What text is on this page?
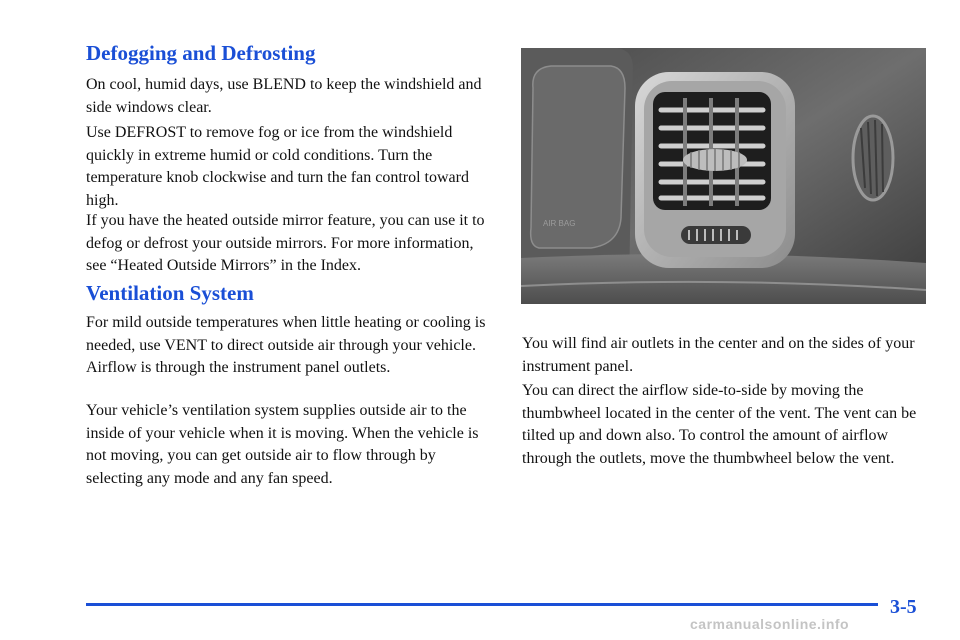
Defogging and Defrosting

On cool, humid days, use BLEND to keep the windshield and side windows clear.

Use DEFROST to remove fog or ice from the windshield quickly in extreme humid or cold conditions. Turn the temperature knob clockwise and turn the fan control toward high.

If you have the heated outside mirror feature, you can use it to defog or defrost your outside mirrors. For more information, see “Heated Outside Mirrors” in the Index.

Ventilation System

For mild outside temperatures when little heating or cooling is needed, use VENT to direct outside air through your vehicle. Airflow is through the instrument panel outlets.

Your vehicle’s ventilation system supplies outside air to the inside of your vehicle when it is moving. When the vehicle is not moving, you can get outside air to flow through by selecting any mode and any fan speed.

AIR BAG

You will find air outlets in the center and on the sides of your instrument panel.

You can direct the airflow side-to-side by moving the thumbwheel located in the center of the vent. The vent can be tilted up and down also. To control the amount of airflow through the outlets, move the thumbwheel below the vent.

3-5

carmanualsonline.info
